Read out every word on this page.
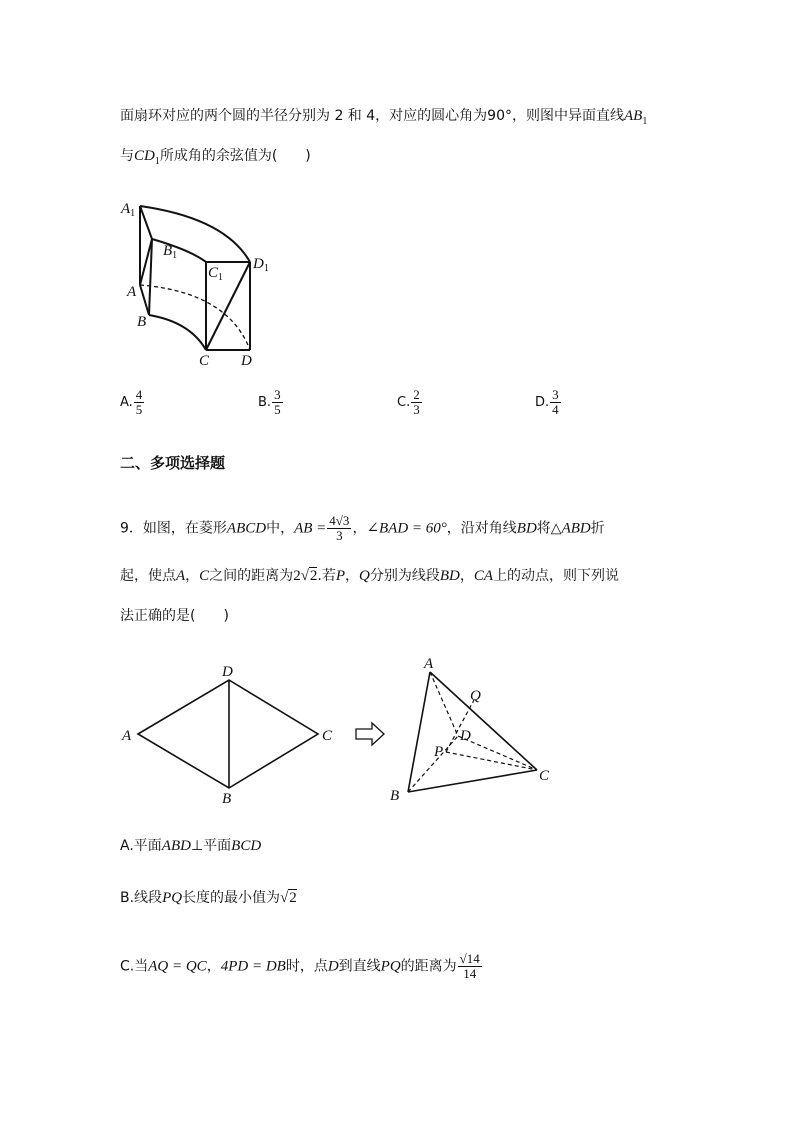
面扇环对应的两个圆的半径分别为 2 和 4，对应的圆心角为90°，则图中异面直线$AB_1$
与$CD_1$所成角的余弦值为(　　)
$A_1$
$B_1$
$C_1$
$D_1$
A
B
C D
A. $\frac{4}{5}$	B. $\frac{3}{5}$	C. $\frac{2}{3}$	D. $\frac{3}{4}$
二、多项选择题
9．如图，在菱形ABCD中，AB = $\frac{4√3}{3}$ ，∠BAD = 60°，沿对角线BD将△ABD折
起，使点A，C之间的距离为2√2.若P，Q分别为线段BD，CA上的动点，则下列说
法正确的是(　　)
A
D
C
B
A
Q
D
P
C
B
A.平面ABD⊥平面BCD
B.线段PQ长度的最小值为√2
C.当AQ = QC，4PD = DB时，点D到直线PQ的距离为 $\frac{√14}{14}$
